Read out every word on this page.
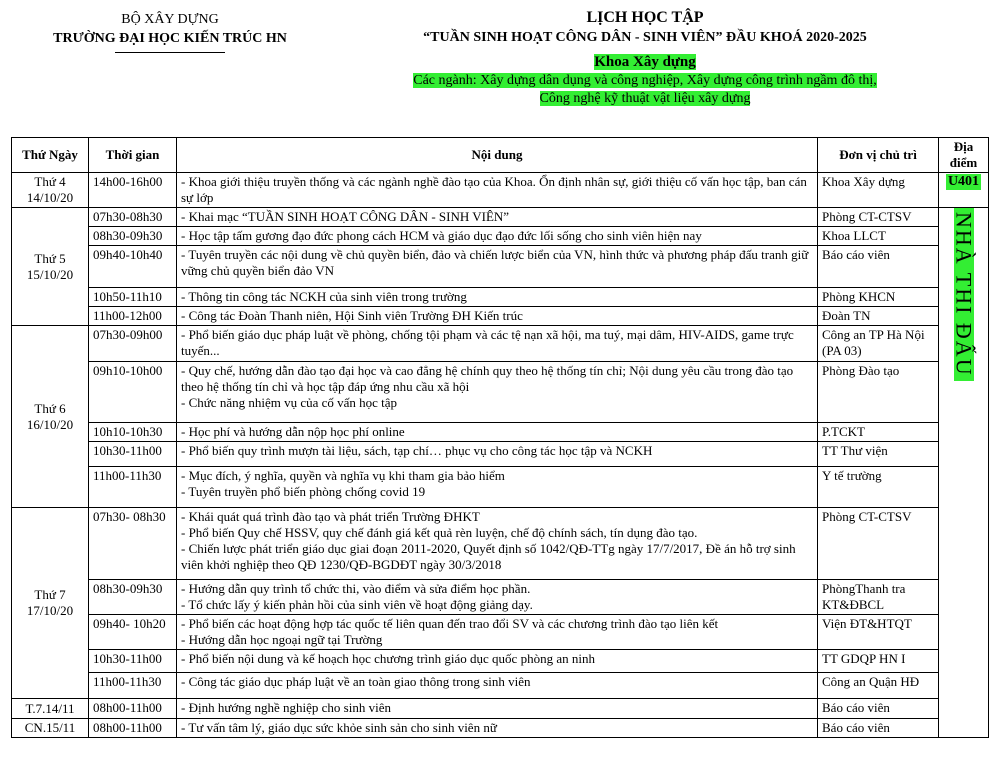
BỘ XÂY DỰNG
TRƯỜNG ĐẠI HỌC KIẾN TRÚC HN
LỊCH HỌC TẬP
“TUẦN SINH HOẠT CÔNG DÂN - SINH VIÊN” ĐẦU KHOÁ 2020-2025
Khoa Xây dựng
Các ngành: Xây dựng dân dụng và công nghiệp, Xây dựng công trình ngầm đô thị,
Công nghệ kỹ thuật vật liệu xây dựng
Thứ Ngày	Thời gian	Nội dung	Đơn vị chủ trì	Địa điểm
Thứ 4 14/10/20	14h00-16h00	- Khoa giới thiệu truyền thống và các ngành nghề đào tạo của Khoa. Ổn định nhân sự, giới thiệu cố vấn học tập, ban cán sự lớp	Khoa Xây dựng	U401
Thứ 5 15/10/20	07h30-08h30	- Khai mạc “TUẦN SINH HOẠT CÔNG DÂN - SINH VIÊN”	Phòng CT-CTSV	NHÀ THI ĐẤU

	08h30-09h30	- Học tập tấm gương đạo đức phong cách HCM và giáo dục đạo đức lối sống cho sinh viên hiện nay	Khoa LLCT	
	09h40-10h40	- Tuyên truyền các nội dung về chủ quyền biển, đảo và chiến lược biển của VN, hình thức và phương pháp đấu tranh giữ vững chủ quyền biển đảo VN	Báo cáo viên	
	10h50-11h10	- Thông tin công tác NCKH của sinh viên trong trường	Phòng KHCN	
	11h00-12h00	- Công tác Đoàn Thanh niên, Hội Sinh viên Trường ĐH Kiến trúc	Đoàn TN	
Thứ 6 16/10/20	07h30-09h00	- Phổ biến giáo dục pháp luật về phòng, chống tội phạm và các tệ nạn xã hội, ma tuý, mại dâm, HIV-AIDS, game trực tuyến...	Công an TP Hà Nội (PA 03)	
	09h10-10h00	- Quy chế, hướng dẫn đào tạo đại học và cao đẳng hệ chính quy theo hệ thống tín chỉ; Nội dung yêu cầu trong đào tạo theo hệ thống tín chỉ và học tập đáp ứng nhu cầu xã hội
- Chức năng nhiệm vụ của cố vấn học tập	Phòng Đào tạo	
	10h10-10h30	- Học phí và hướng dẫn nộp học phí online	P.TCKT	
	10h30-11h00	- Phổ biến quy trình mượn tài liệu, sách, tạp chí… phục vụ cho công tác học tập và NCKH	TT Thư viện	
	11h00-11h30	- Mục đích, ý nghĩa, quyền và nghĩa vụ khi tham gia bảo hiểm
- Tuyên truyền phổ biến phòng chống covid 19	Y tế trường	
Thứ 7 17/10/20	07h30- 08h30	- Khái quát quá trình đào tạo và phát triển Trường ĐHKT
- Phổ biến Quy chế HSSV, quy chế đánh giá kết quả rèn luyện, chế độ chính sách, tín dụng đào tạo.
- Chiến lược phát triển giáo dục giai đoạn 2011-2020, Quyết định số 1042/QĐ-TTg ngày 17/7/2017, Đề án hỗ trợ sinh viên khởi nghiệp theo QĐ 1230/QĐ-BGDĐT ngày 30/3/2018	Phòng CT-CTSV	
	08h30-09h30	- Hướng dẫn quy trình tổ chức thi, vào điểm và sửa điểm học phần.
- Tổ chức lấy ý kiến phản hồi của sinh viên về hoạt động giảng dạy.	PhòngThanh tra KT&ĐBCL	
	09h40- 10h20	- Phổ biến các hoạt động hợp tác quốc tế liên quan đến trao đổi SV và các chương trình đào tạo liên kết
- Hướng dẫn học ngoại ngữ tại Trường	Viện ĐT&HTQT	
	10h30-11h00	- Phổ biến nội dung và kế hoạch học chương trình giáo dục quốc phòng an ninh	TT GDQP HN I	
	11h00-11h30	- Công tác giáo dục pháp luật về an toàn giao thông trong sinh viên	Công an Quận HĐ	
T.7.14/11	08h00-11h00	- Định hướng nghề nghiệp cho sinh viên	Báo cáo viên	
CN.15/11	08h00-11h00	- Tư vấn tâm lý, giáo dục sức khỏe sinh sản cho sinh viên nữ	Báo cáo viên	
